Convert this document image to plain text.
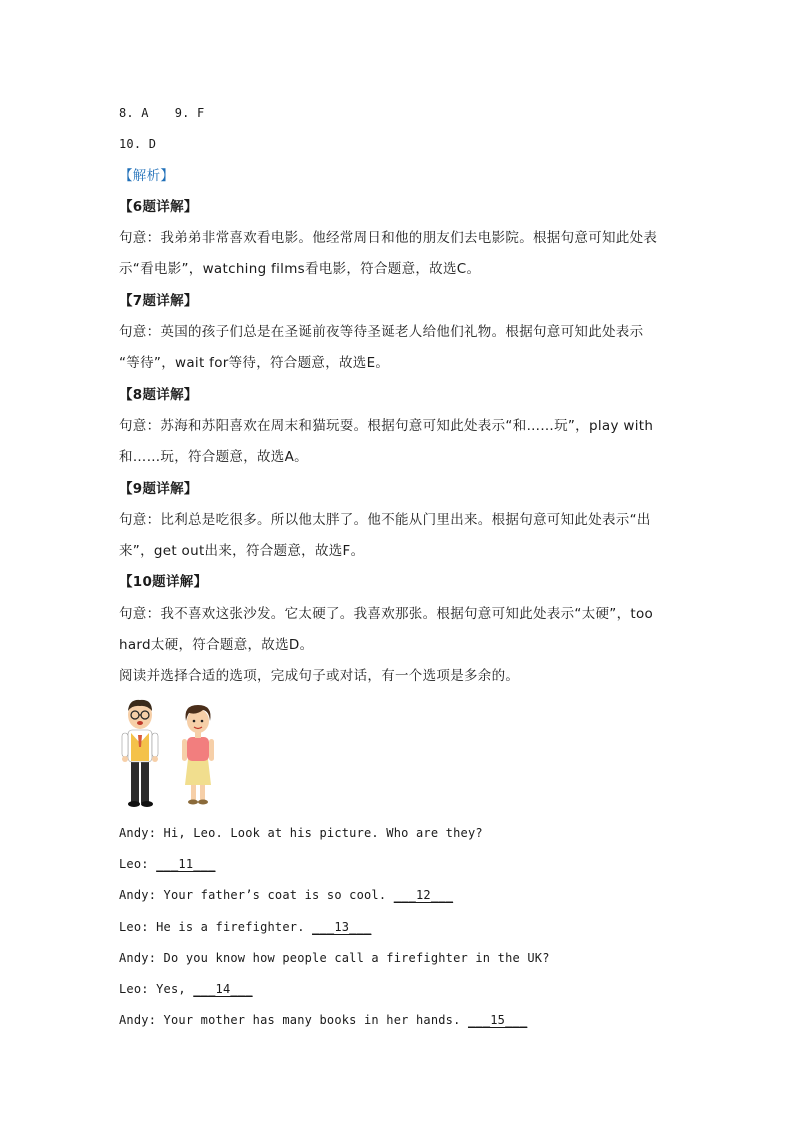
8. A 9. F
10. D
【解析】
【6题详解】
句意：我弟弟非常喜欢看电影。他经常周日和他的朋友们去电影院。根据句意可知此处表
示“看电影”，watching films看电影，符合题意，故选C。
【7题详解】
句意：英国的孩子们总是在圣诞前夜等待圣诞老人给他们礼物。根据句意可知此处表示
“等待”，wait for等待，符合题意，故选E。
【8题详解】
句意：苏海和苏阳喜欢在周末和猫玩耍。根据句意可知此处表示“和……玩”，play with
和……玩，符合题意，故选A。
【9题详解】
句意：比利总是吃很多。所以他太胖了。他不能从门里出来。根据句意可知此处表示“出
来”，get out出来，符合题意，故选F。
【10题详解】
句意：我不喜欢这张沙发。它太硬了。我喜欢那张。根据句意可知此处表示“太硬”，too
hard太硬，符合题意，故选D。
阅读并选择合适的选项，完成句子或对话，有一个选项是多余的。
Andy: Hi, Leo. Look at his picture. Who are they?
Leo: ___11___
Andy: Your father’s coat is so cool. ___12___
Leo: He is a firefighter. ___13___
Andy: Do you know how people call a firefighter in the UK?
Leo: Yes, ___14___
Andy: Your mother has many books in her hands. ___15___
